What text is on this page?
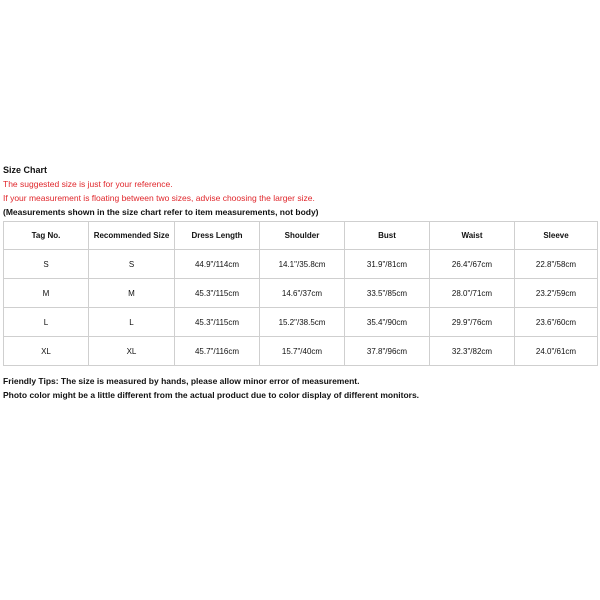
Size Chart
The suggested size is just for your reference.
If your measurement is floating between two sizes, advise choosing the larger size.
(Measurements shown in the size chart refer to item measurements, not body)
Tag No.	Recommended Size	Dress Length	Shoulder	Bust	Waist	Sleeve
S	S	44.9"/114cm	14.1"/35.8cm	31.9"/81cm	26.4"/67cm	22.8"/58cm
M	M	45.3"/115cm	14.6"/37cm	33.5"/85cm	28.0"/71cm	23.2"/59cm
L	L	45.3"/115cm	15.2"/38.5cm	35.4"/90cm	29.9"/76cm	23.6"/60cm
XL	XL	45.7"/116cm	15.7"/40cm	37.8"/96cm	32.3"/82cm	24.0"/61cm
Friendly Tips: The size is measured by hands, please allow minor error of measurement.
Photo color might be a little different from the actual product due to color display of different monitors.
